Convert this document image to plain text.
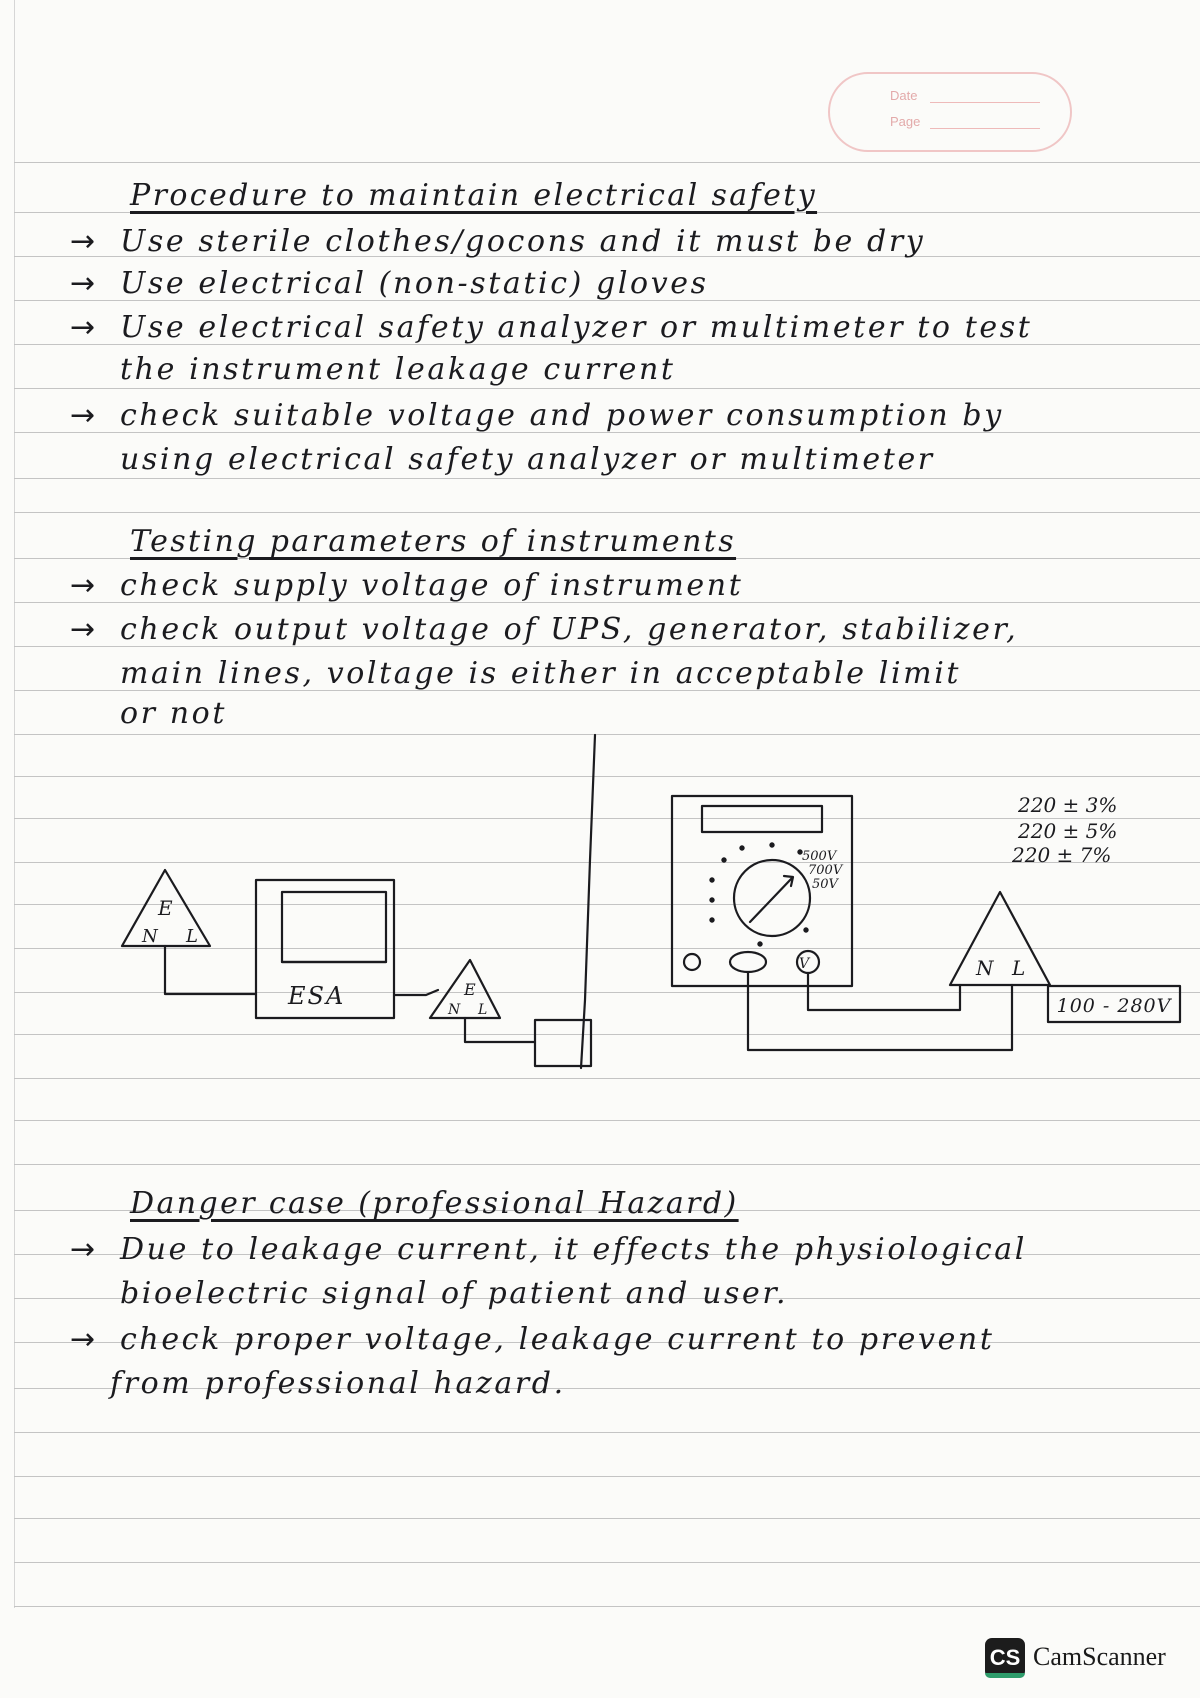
Date
Page
Procedure to maintain electrical safety
→ Use sterile clothes/gocons and it must be dry
→ Use electrical (non-static) gloves
→ Use electrical safety analyzer or multimeter to test
the instrument leakage current
→ check suitable voltage and power consumption by
using electrical safety analyzer or multimeter
Testing parameters of instruments
→ check supply voltage of instrument
→ check output voltage of UPS, generator, stabilizer,
main lines, voltage is either in acceptable limit
or not
E
N L
ESA	E
N L
V
500V
700V
50V
N L
220 ± 3%
220 ± 5%
220 ± 7%
100 - 280V
Danger case (professional Hazard)
→ Due to leakage current, it effects the physiological
bioelectric signal of patient and user.
→ check proper voltage, leakage current to prevent
from professional hazard.
CS CamScanner
